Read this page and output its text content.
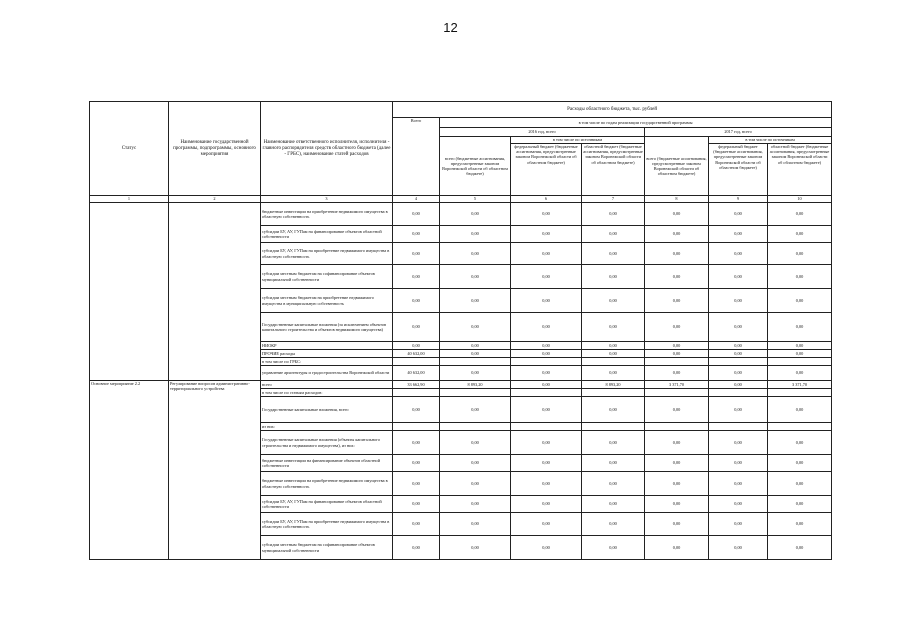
12
Статус	Наименование государственной программы, подпрограммы, основного мероприятия	Наименование ответственного исполнителя, исполнителя - главного распорядителя средств областного бюджета (далее - ГРБС), наименование статей расходов	Расходы областного бюджета, тыс. рублей						
			Всего	в том числе по годам реализации государственной программы					
				2016 год, всего			2017 год, всего		
				всего (бюджетные ассигнования, предусмотренные законом Воронежской области об областном бюджете)	в том числе по источникам		всего (бюджетные ассигнования, предусмотренные законом Воронежской области об областном бюджете)	в том числе по источникам	
					федеральный бюджет (бюджетные ассигнования, предусмотренные законом Воронежской области об областном бюджете)	областной бюджет (бюджетные ассигнования, предусмотренные законом Воронежской области об областном бюджете)		федеральный бюджет (бюджетные ассигнования, предусмотренные законом Воронежской области об областном бюджете)	областной бюджет (бюджетные ассигнования, предусмотренные законом Воронежской области об областном бюджете)
1	2	3	4	5	6	7	8	9	10
		бюджетные инвестиции на приобретение недвижимого имущества в областную собственность	0,00	0,00	0,00	0,00	0,00	0,00	0,00
		субсидии БУ, АУ, ГУПам на финансирование объектов областной собственности	0,00	0,00	0,00	0,00	0,00	0,00	0,00
		субсидии БУ, АУ, ГУПам на приобретение недвижимого имущества в областную собственность	0,00	0,00	0,00	0,00	0,00	0,00	0,00
		субсидии местным бюджетам на софинансирование объектов муниципальной собственности	0,00	0,00	0,00	0,00	0,00	0,00	0,00
		субсидии местным бюджетам на приобретение недвижимого имущества в муниципальную собственность	0,00	0,00	0,00	0,00	0,00	0,00	0,00
		Государственные капитальные вложения (за исключением объектов капитального строительства и объектов недвижимого имущества)	0,00	0,00	0,00	0,00	0,00	0,00	0,00
		НИОКР	0,00	0,00	0,00	0,00	0,00	0,00	0,00
		ПРОЧИЕ расходы	40 632,00	0,00	0,00	0,00	0,00	0,00	0,00
		в том числе по ГРБС:							
		управление архитектуры и градостроительства Воронежской области	40 632,00	0,00	0,00	0,00	0,00	0,00	0,00
Основное мероприятие 2.2	Регулирование вопросов административно-территориального устройства	всего	33 662,90	8 893,20	0,00	8 893,20	3 371,70	0,00	3 371,70
		в том числе по статьям расходов:							
		Государственные капитальные вложения, всего	0,00	0,00	0,00	0,00	0,00	0,00	0,00
		из них:							
		Государственные капитальные вложения (объекты капитального строительства и недвижимого имущества), из них:	0,00	0,00	0,00	0,00	0,00	0,00	0,00
		бюджетные инвестиции на финансирование объектов областной собственности	0,00	0,00	0,00	0,00	0,00	0,00	0,00
		бюджетные инвестиции на приобретение недвижимого имущества в областную собственность	0,00	0,00	0,00	0,00	0,00	0,00	0,00
		субсидии БУ, АУ, ГУПам на финансирование объектов областной собственности	0,00	0,00	0,00	0,00	0,00	0,00	0,00
		субсидии БУ, АУ, ГУПам на приобретение недвижимого имущества в областную собственность	0,00	0,00	0,00	0,00	0,00	0,00	0,00
		субсидии местным бюджетам на софинансирование объектов муниципальной собственности	0,00	0,00	0,00	0,00	0,00	0,00	0,00
